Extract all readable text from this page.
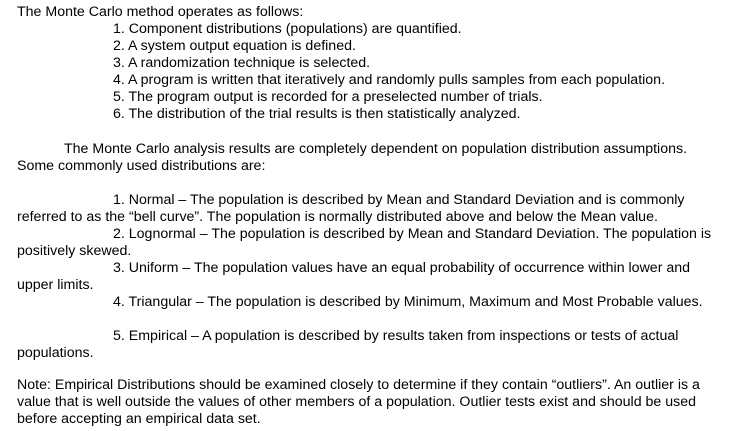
The Monte Carlo method operates as follows:
1. Component distributions (populations) are quantified.
2. A system output equation is defined.
3. A randomization technique is selected.
4. A program is written that iteratively and randomly pulls samples from each population.
5. The program output is recorded for a preselected number of trials.
6. The distribution of the trial results is then statistically analyzed.
The Monte Carlo analysis results are completely dependent on population distribution assumptions. Some commonly used distributions are:
1. Normal – The population is described by Mean and Standard Deviation and is commonly referred to as the “bell curve”. The population is normally distributed above and below the Mean value.
2. Lognormal – The population is described by Mean and Standard Deviation. The population is positively skewed.
3. Uniform – The population values have an equal probability of occurrence within lower and upper limits.
4. Triangular – The population is described by Minimum, Maximum and Most Probable values.
5. Empirical – A population is described by results taken from inspections or tests of actual populations.
Note: Empirical Distributions should be examined closely to determine if they contain “outliers”. An outlier is a value that is well outside the values of other members of a population. Outlier tests exist and should be used before accepting an empirical data set.
